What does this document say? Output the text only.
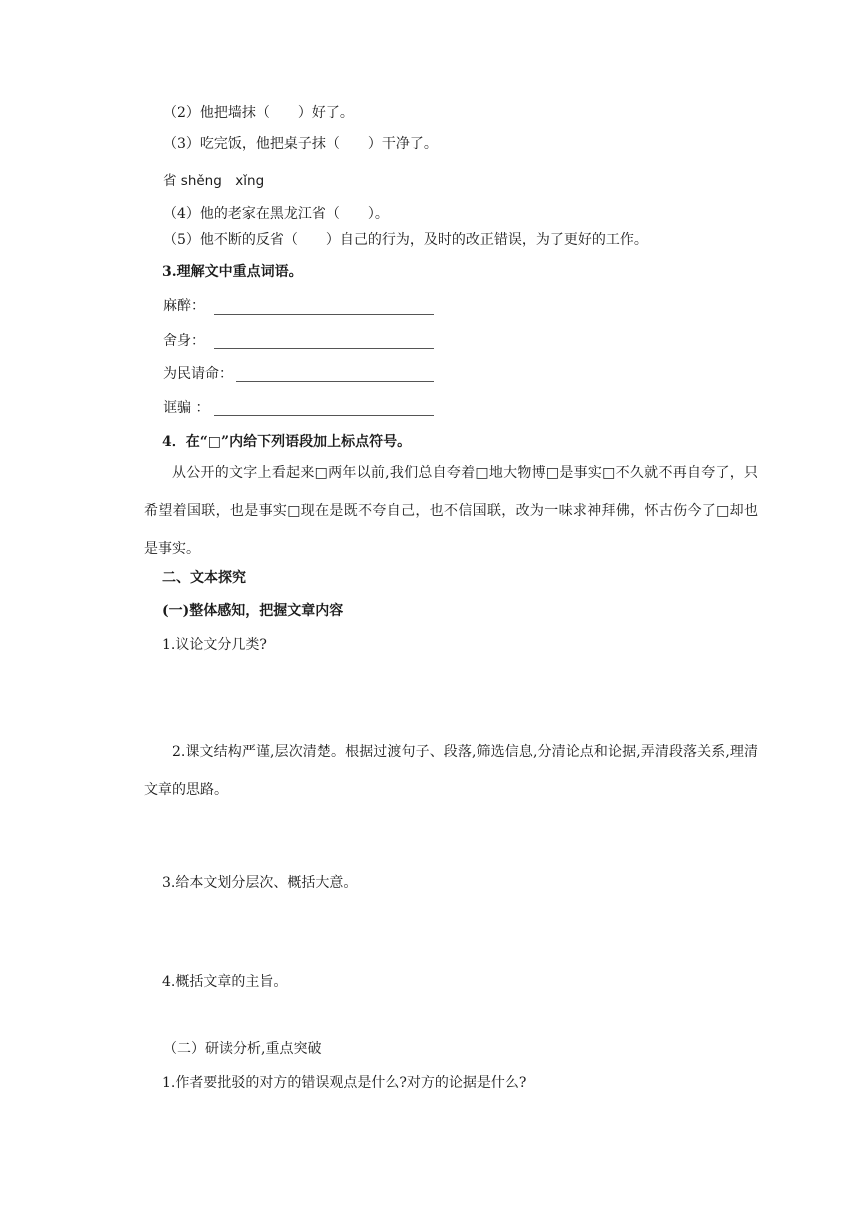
（2）他把墙抹（　　）好了。
（3）吃完饭，他把桌子抹（　　）干净了。
省 shěng　xǐng
（4）他的老家在黑龙江省（　　）。
（5）他不断的反省（　　）自己的行为，及时的改正错误，为了更好的工作。
3.理解文中重点词语。
麻醉：
舍身：
为民请命：
诓骗 ：
4．在“□”内给下列语段加上标点符号。
从公开的文字上看起来□两年以前,我们总自夸着□地大物博□是事实□不久就不再自夸了，只希望着国联，也是事实□现在是既不夸自己，也不信国联，改为一味求神拜佛，怀古伤今了□却也是事实。
二、文本探究
(一)整体感知，把握文章内容
1.议论文分几类?
2.课文结构严谨,层次清楚。根据过渡句子、段落,筛选信息,分清论点和论据,弄清段落关系,理清文章的思路。
3.给本文划分层次、概括大意。
4.概括文章的主旨。
（二）研读分析,重点突破
1.作者要批驳的对方的错误观点是什么?对方的论据是什么?
